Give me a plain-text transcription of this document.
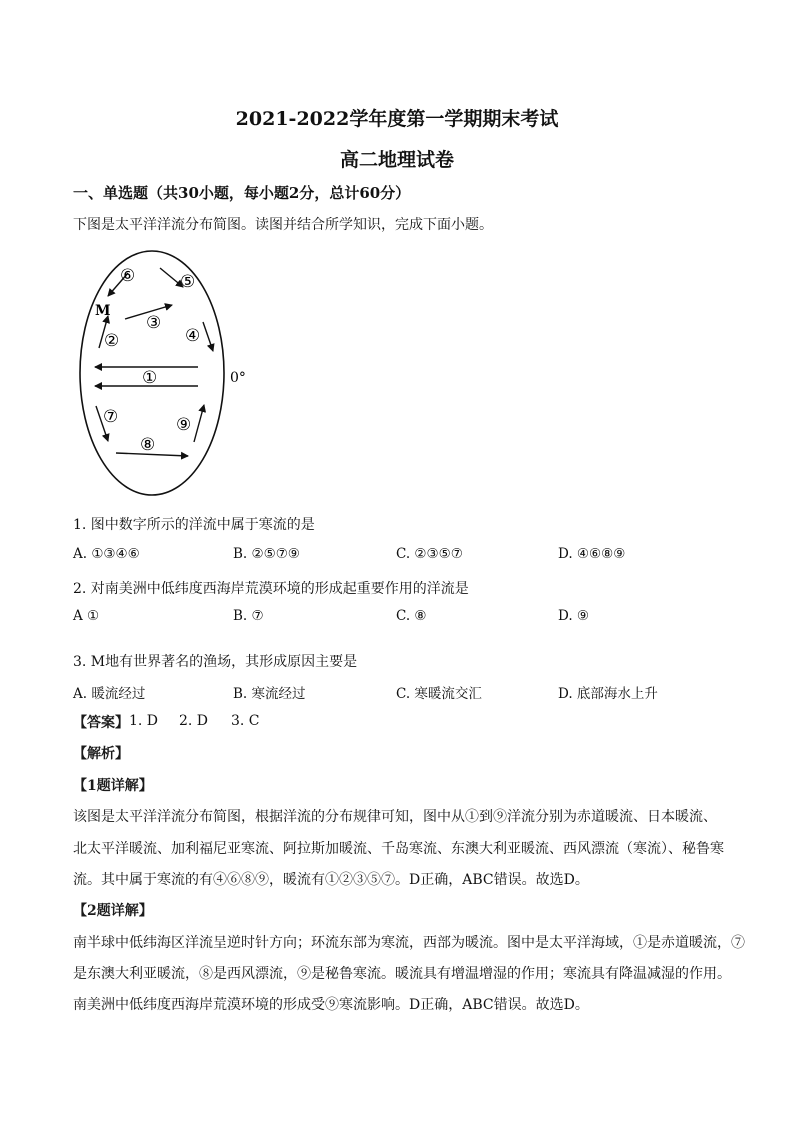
2021-2022学年度第一学期期末考试
高二地理试卷
一、单选题（共30小题，每小题2分，总计60分）
下图是太平洋洋流分布简图。读图并结合所学知识，完成下面小题。
⑥	⑤
M
③
②	④
①	0°
⑦	⑨
⑧
1. 图中数字所示的洋流中属于寒流的是
A. ①③④⑥	B. ②⑤⑦⑨	C. ②③⑤⑦	D. ④⑥⑧⑨
2. 对南美洲中低纬度西海岸荒漠环境的形成起重要作用的洋流是
A ①	B. ⑦	C. ⑧	D. ⑨
3. M地有世界著名的渔场，其形成原因主要是
A. 暖流经过	B. 寒流经过	C. 寒暖流交汇	D. 底部海水上升
【答案】 1. D 2. D 3. C
【解析】
【1题详解】
该图是太平洋洋流分布简图，根据洋流的分布规律可知，图中从①到⑨洋流分别为赤道暖流、日本暖流、
北太平洋暖流、加利福尼亚寒流、阿拉斯加暖流、千岛寒流、东澳大利亚暖流、西风漂流（寒流）、秘鲁寒
流。其中属于寒流的有④⑥⑧⑨，暖流有①②③⑤⑦。D正确，ABC错误。故选D。
【2题详解】
南半球中低纬海区洋流呈逆时针方向；环流东部为寒流，西部为暖流。图中是太平洋海域，①是赤道暖流，⑦
是东澳大利亚暖流，⑧是西风漂流，⑨是秘鲁寒流。暖流具有增温增湿的作用；寒流具有降温减湿的作用。
南美洲中低纬度西海岸荒漠环境的形成受⑨寒流影响。D正确，ABC错误。故选D。
